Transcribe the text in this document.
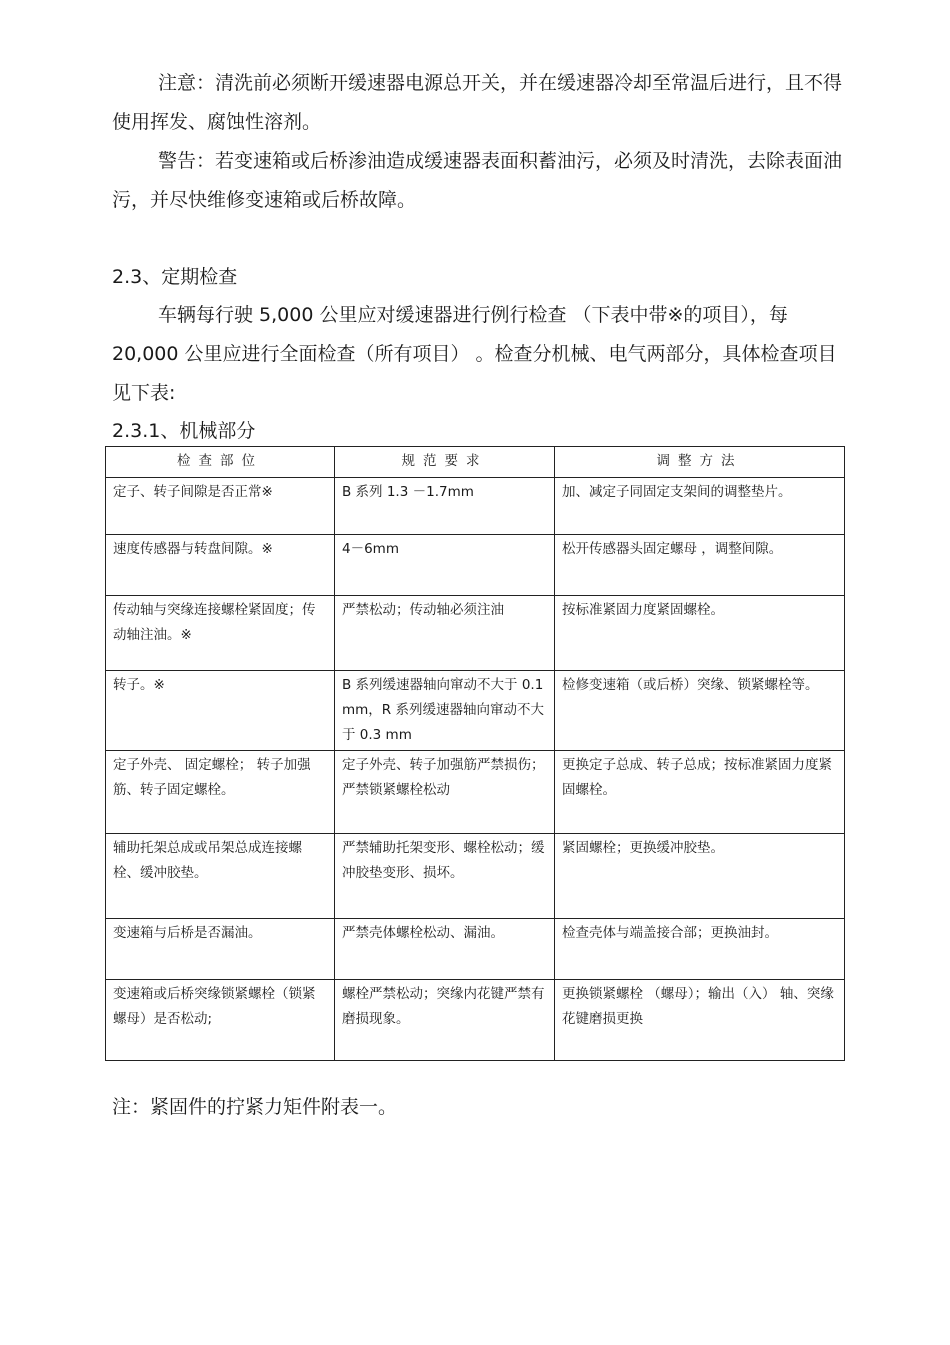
注意：清洗前必须断开缓速器电源总开关，并在缓速器冷却至常温后进行，且不得使用挥发、腐蚀性溶剂。

警告：若变速箱或后桥渗油造成缓速器表面积蓄油污，必须及时清洗，去除表面油污，并尽快维修变速箱或后桥故障。

2.3、定期检查

车辆每行驶 5,000 公里应对缓速器进行例行检查 （下表中带※的项目），每 20,000 公里应进行全面检查（所有项目） 。检查分机械、电气两部分，具体检查项目见下表:

2.3.1、机械部分

检查部位	规范要求	调整方法
定子、转子间隙是否正常※	B 系列 1.3 －1.7mm	加、减定子同固定支架间的调整垫片。
速度传感器与转盘间隙。※	4－6mm	松开传感器头固定螺母 ，调整间隙。
传动轴与突缘连接螺栓紧固度；传动轴注油。※	严禁松动；传动轴必须注油	按标准紧固力度紧固螺栓。
转子。※	B 系列缓速器轴向窜动不大于 0.1 mm，R 系列缓速器轴向窜动不大于 0.3 mm	检修变速箱（或后桥）突缘、锁紧螺栓等。
定子外壳、 固定螺栓； 转子加强筋、转子固定螺栓。	定子外壳、转子加强筋严禁损伤；严禁锁紧螺栓松动	更换定子总成、转子总成；按标准紧固力度紧固螺栓。
辅助托架总成或吊架总成连接螺栓、缓冲胶垫。	严禁辅助托架变形、螺栓松动；缓冲胶垫变形、损坏。	紧固螺栓；更换缓冲胶垫。
变速箱与后桥是否漏油。	严禁壳体螺栓松动、漏油。	检查壳体与端盖接合部；更换油封。
变速箱或后桥突缘锁紧螺栓（锁紧螺母）是否松动;	螺栓严禁松动；突缘内花键严禁有磨损现象。	更换锁紧螺栓 （螺母）；输出（入） 轴、突缘花键磨损更换

注：紧固件的拧紧力矩件附表一。
